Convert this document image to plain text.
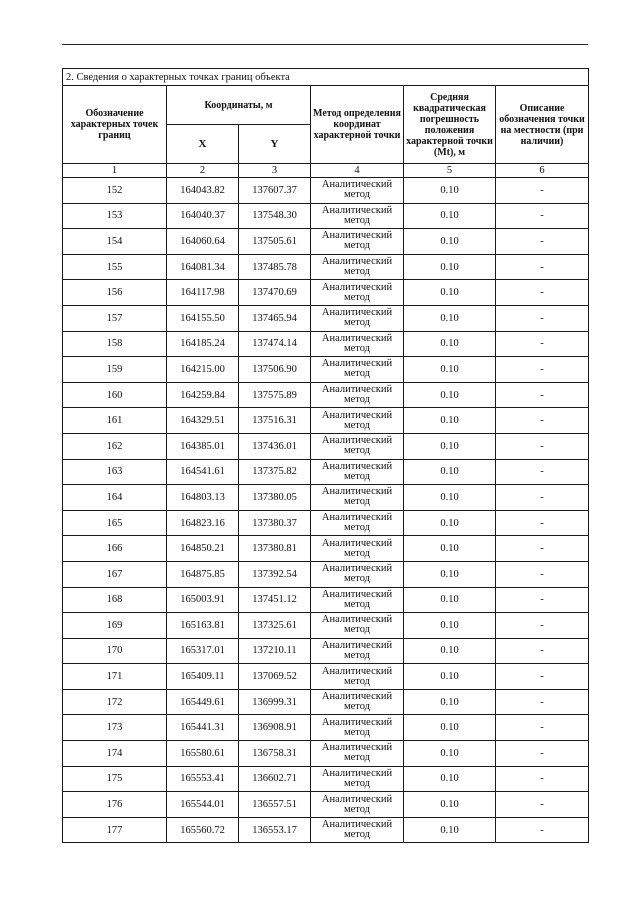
2. Сведения о характерных точках границ объекта					
Обозначение характерных точек границ	Координаты, м		Метод определения координат характерной точки	Средняя квадратическая погрешность положения характерной точки (Mt), м	Описание обозначения точки на местности (при наличии)
	X	Y			
1	2	3	4	5	6
152	164043.82	137607.37	Аналитический метод	0.10	-
153	164040.37	137548.30	Аналитический метод	0.10	-
154	164060.64	137505.61	Аналитический метод	0.10	-
155	164081.34	137485.78	Аналитический метод	0.10	-
156	164117.98	137470.69	Аналитический метод	0.10	-
157	164155.50	137465.94	Аналитический метод	0.10	-
158	164185.24	137474.14	Аналитический метод	0.10	-
159	164215.00	137506.90	Аналитический метод	0.10	-
160	164259.84	137575.89	Аналитический метод	0.10	-
161	164329.51	137516.31	Аналитический метод	0.10	-
162	164385.01	137436.01	Аналитический метод	0.10	-
163	164541.61	137375.82	Аналитический метод	0.10	-
164	164803.13	137380.05	Аналитический метод	0.10	-
165	164823.16	137380.37	Аналитический метод	0.10	-
166	164850.21	137380.81	Аналитический метод	0.10	-
167	164875.85	137392.54	Аналитический метод	0.10	-
168	165003.91	137451.12	Аналитический метод	0.10	-
169	165163.81	137325.61	Аналитический метод	0.10	-
170	165317.01	137210.11	Аналитический метод	0.10	-
171	165409.11	137069.52	Аналитический метод	0.10	-
172	165449.61	136999.31	Аналитический метод	0.10	-
173	165441.31	136908.91	Аналитический метод	0.10	-
174	165580.61	136758.31	Аналитический метод	0.10	-
175	165553.41	136602.71	Аналитический метод	0.10	-
176	165544.01	136557.51	Аналитический метод	0.10	-
177	165560.72	136553.17	Аналитический метод	0.10	-
